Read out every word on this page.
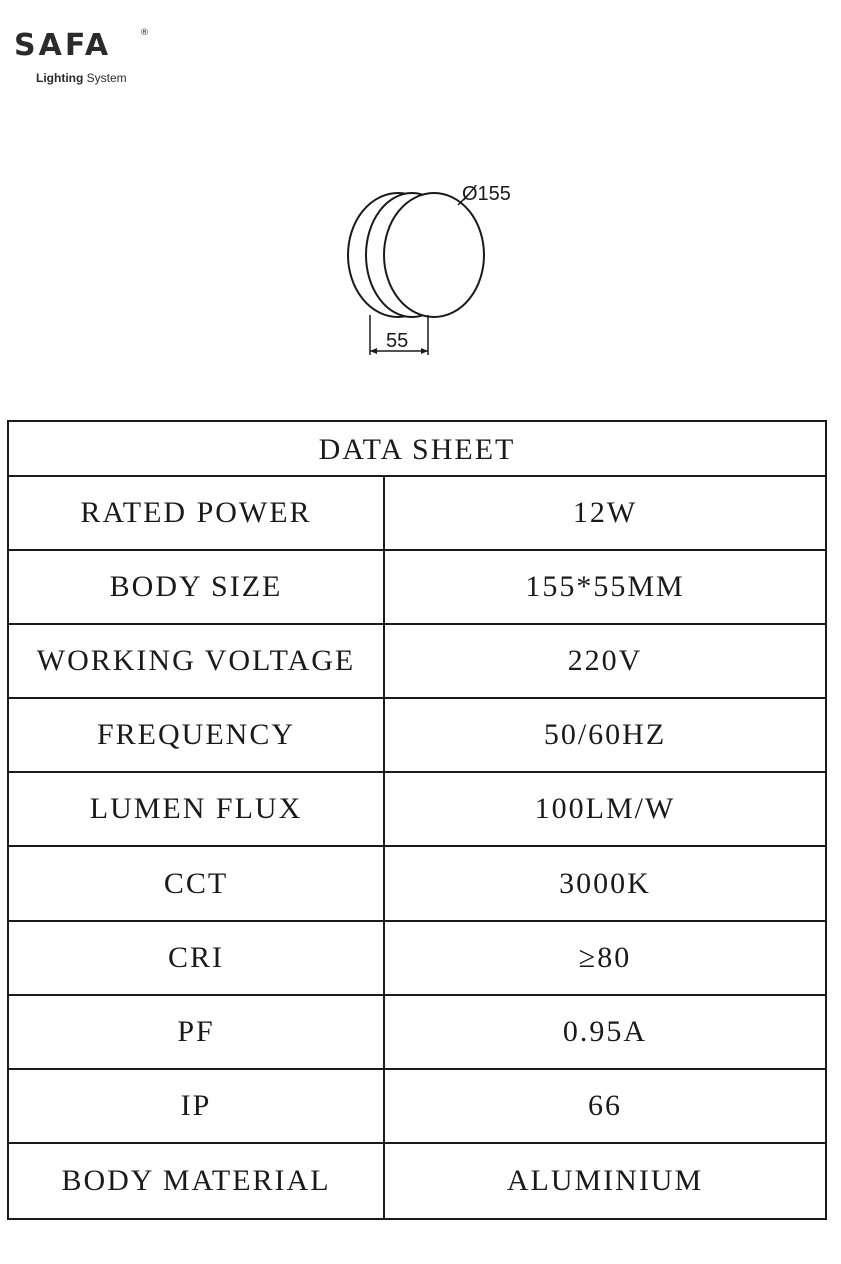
SAFA	®
Lighting System
Ø155
55
DATA SHEET
RATED POWER	12W
BODY SIZE	155*55MM
WORKING VOLTAGE	220V
FREQUENCY	50/60HZ
LUMEN FLUX	100LM/W
CCT	3000K
CRI	≥80
PF	0.95A
IP	66
BODY MATERIAL	ALUMINIUM
